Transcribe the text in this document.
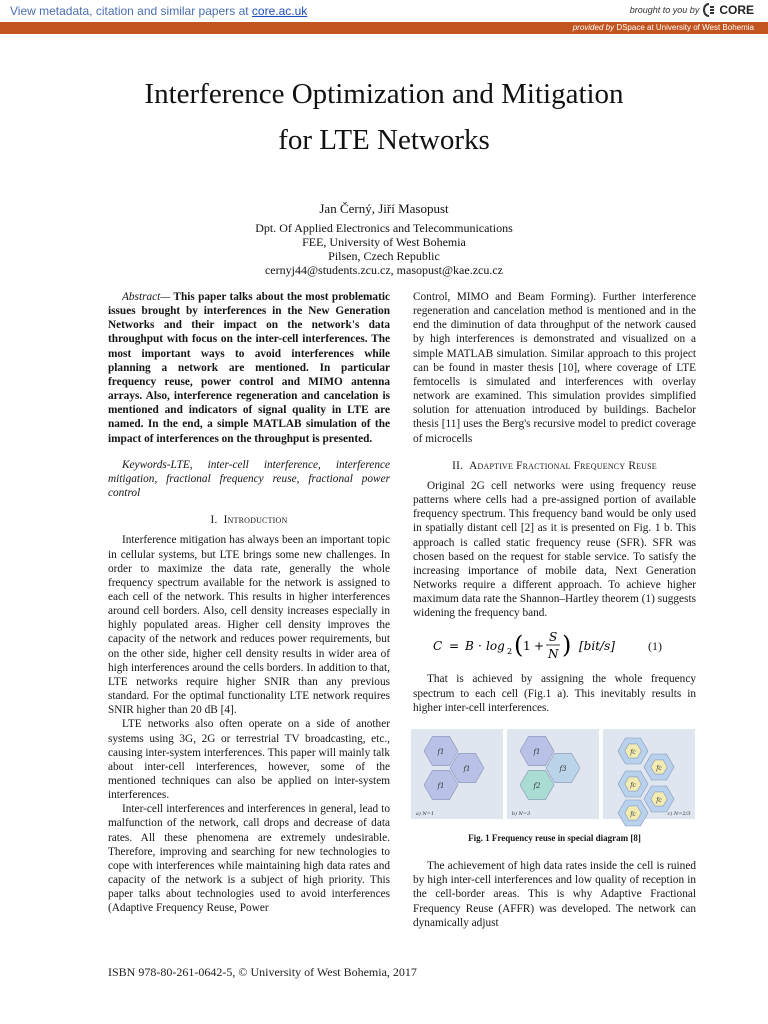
View metadata, citation and similar papers at core.ac.uk	brought to you by CORE
provided by DSpace at University of West Bohemia
Interference Optimization and Mitigation
for LTE Networks
Jan Černý, Jiří Masopust
Dpt. Of Applied Electronics and Telecommunications
FEE, University of West Bohemia
Pilsen, Czech Republic
cernyj44@students.zcu.cz, masopust@kae.zcu.cz

Abstract— This paper talks about the most problematic issues brought by interferences in the New Generation Networks and their impact on the network's data throughput with focus on the inter-cell interferences. The most important ways to avoid interferences while planning a network are mentioned. In particular frequency reuse, power control and MIMO antenna arrays. Also, interference regeneration and cancelation is mentioned and indicators of signal quality in LTE are named. In the end, a simple MATLAB simulation of the impact of interferences on the throughput is presented.

Keywords-LTE, inter-cell interference, interference mitigation, fractional frequency reuse, fractional power control

I. Introduction

Interference mitigation has always been an important topic in cellular systems, but LTE brings some new challenges. In order to maximize the data rate, generally the whole frequency spectrum available for the network is assigned to each cell of the network. This results in higher interferences around cell borders. Also, cell density increases especially in highly populated areas. Higher cell density improves the capacity of the network and reduces power requirements, but on the other side, higher cell density results in wider area of high interferences around the cells borders. In addition to that, LTE networks require higher SNIR than any previous standard. For the optimal functionality LTE network requires SNIR higher than 20 dB [4].

LTE networks also often operate on a side of another systems using 3G, 2G or terrestrial TV broadcasting, etc., causing inter-system interferences. This paper will mainly talk about inter-cell interferences, however, some of the mentioned techniques can also be applied on inter-system interferences.

Inter-cell interferences and interferences in general, lead to malfunction of the network, call drops and decrease of data rates. All these phenomena are extremely undesirable. Therefore, improving and searching for new technologies to cope with interferences while maintaining high data rates and capacity of the network is a subject of high priority. This paper talks about technologies used to avoid interferences (Adaptive Frequency Reuse, Power

Control, MIMO and Beam Forming). Further interference regeneration and cancelation method is mentioned and in the end the diminution of data throughput of the network caused by high interferences is demonstrated and visualized on a simple MATLAB simulation. Similar approach to this project can be found in master thesis [10], where coverage of LTE femtocells is simulated and interferences with overlay network are examined. This simulation provides simplified solution for attenuation introduced by buildings. Bachelor thesis [11] uses the Berg's recursive model to predict coverage of microcells

II. Adaptive Fractional Frequency Reuse

Original 2G cell networks were using frequency reuse patterns where cells had a pre-assigned portion of available frequency spectrum. This frequency band would be only used in spatially distant cell [2] as it is presented on Fig. 1 b. This approach is called static frequency reuse (SFR). SFR was chosen based on the request for stable service. To satisfy the increasing importance of mobile data, Next Generation Networks require a different approach. To achieve higher maximum data rate the Shannon–Hartley theorem (1) suggests widening the frequency band.

C = B · log 2 ( 1 +
S
N ) [bit/s]	(1)

That is achieved by assigning the whole frequency spectrum to each cell (Fig.1 a). This inevitably results in higher inter-cell interferences.

f1
f1
f1
a) N=1
f1
f2
f3
b) N=3
fc
fc
fc
fc
fc	c) N=2/3

Fig. 1 Frequency reuse in special diagram [8]

The achievement of high data rates inside the cell is ruined by high inter-cell interferences and low quality of reception in the cell-border areas. This is why Adaptive Fractional Frequency Reuse (AFFR) was developed. The network can dynamically adjust

ISBN 978-80-261-0642-5, © University of West Bohemia, 2017
